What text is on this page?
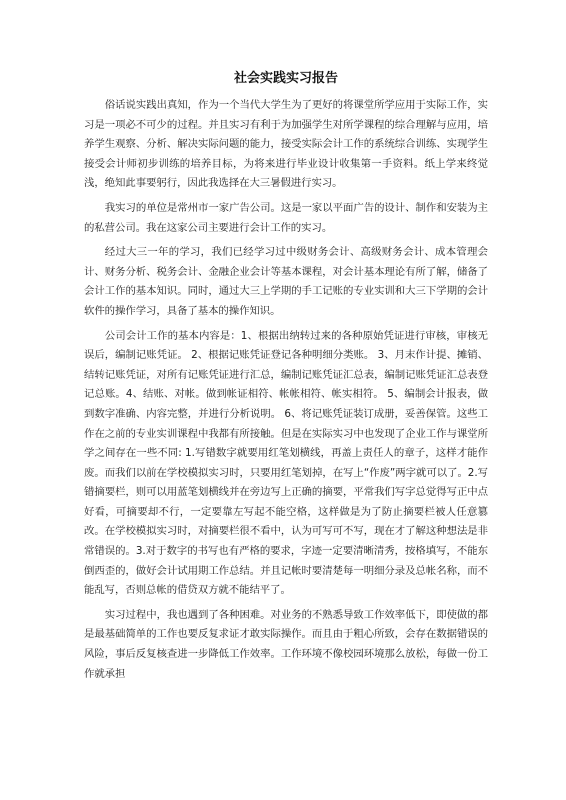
社会实践实习报告

俗话说实践出真知，作为一个当代大学生为了更好的将课堂所学应用于实际工作，实习是一项必不可少的过程。并且实习有利于为加强学生对所学课程的综合理解与应用，培养学生观察、分析、解决实际问题的能力，接受实际会计工作的系统综合训练、实现学生接受会计师初步训练的培养目标，为将来进行毕业设计收集第一手资料。纸上学来终觉浅，绝知此事要躬行，因此我选择在大三暑假进行实习。

我实习的单位是常州市一家广告公司。这是一家以平面广告的设计、制作和安装为主的私营公司。我在这家公司主要进行会计工作的实习。

经过大三一年的学习，我们已经学习过中级财务会计、高级财务会计、成本管理会计、财务分析、税务会计、金融企业会计等基本课程，对会计基本理论有所了解，储备了会计工作的基本知识。同时，通过大三上学期的手工记账的专业实训和大三下学期的会计软件的操作学习，具备了基本的操作知识。

公司会计工作的基本内容是：1、根据出纳转过来的各种原始凭证进行审核，审核无误后，编制记账凭证。 2、根据记账凭证登记各种明细分类账。 3、月末作计提、摊销、结转记账凭证，对所有记账凭证进行汇总，编制记账凭证汇总表，编制记账凭证汇总表登记总账。4、结账、对帐。做到帐证相符、帐帐相符、帐实相符。 5、编制会计报表，做到数字准确、内容完整，并进行分析说明。 6、将记账凭证装订成册，妥善保管。这些工作在之前的专业实训课程中我都有所接触。但是在实际实习中也发现了企业工作与课堂所学之间存在一些不同: 1.写错数字就要用红笔划横线，再盖上责任人的章子，这样才能作废。而我们以前在学校模拟实习时，只要用红笔划掉，在写上“作废”两字就可以了。2.写错摘要栏，则可以用蓝笔划横线并在旁边写上正确的摘要，平常我们写字总觉得写正中点好看，可摘要却不行，一定要靠左写起不能空格，这样做是为了防止摘要栏被人任意篡改。在学校模拟实习时，对摘要栏很不看中，认为可写可不写，现在才了解这种想法是非常错误的。3.对于数字的书写也有严格的要求，字迹一定要清晰清秀，按格填写，不能东倒西歪的，做好会计试用期工作总结。并且记帐时要清楚每一明细分录及总帐名称，而不能乱写，否则总帐的借贷双方就不能结平了。

实习过程中，我也遇到了各种困难。对业务的不熟悉导致工作效率低下，即使做的都是最基础简单的工作也要反复求证才敢实际操作。而且由于粗心所致，会存在数据错误的风险，事后反复核查进一步降低工作效率。工作环境不像校园环境那么放松，每做一份工作就承担
